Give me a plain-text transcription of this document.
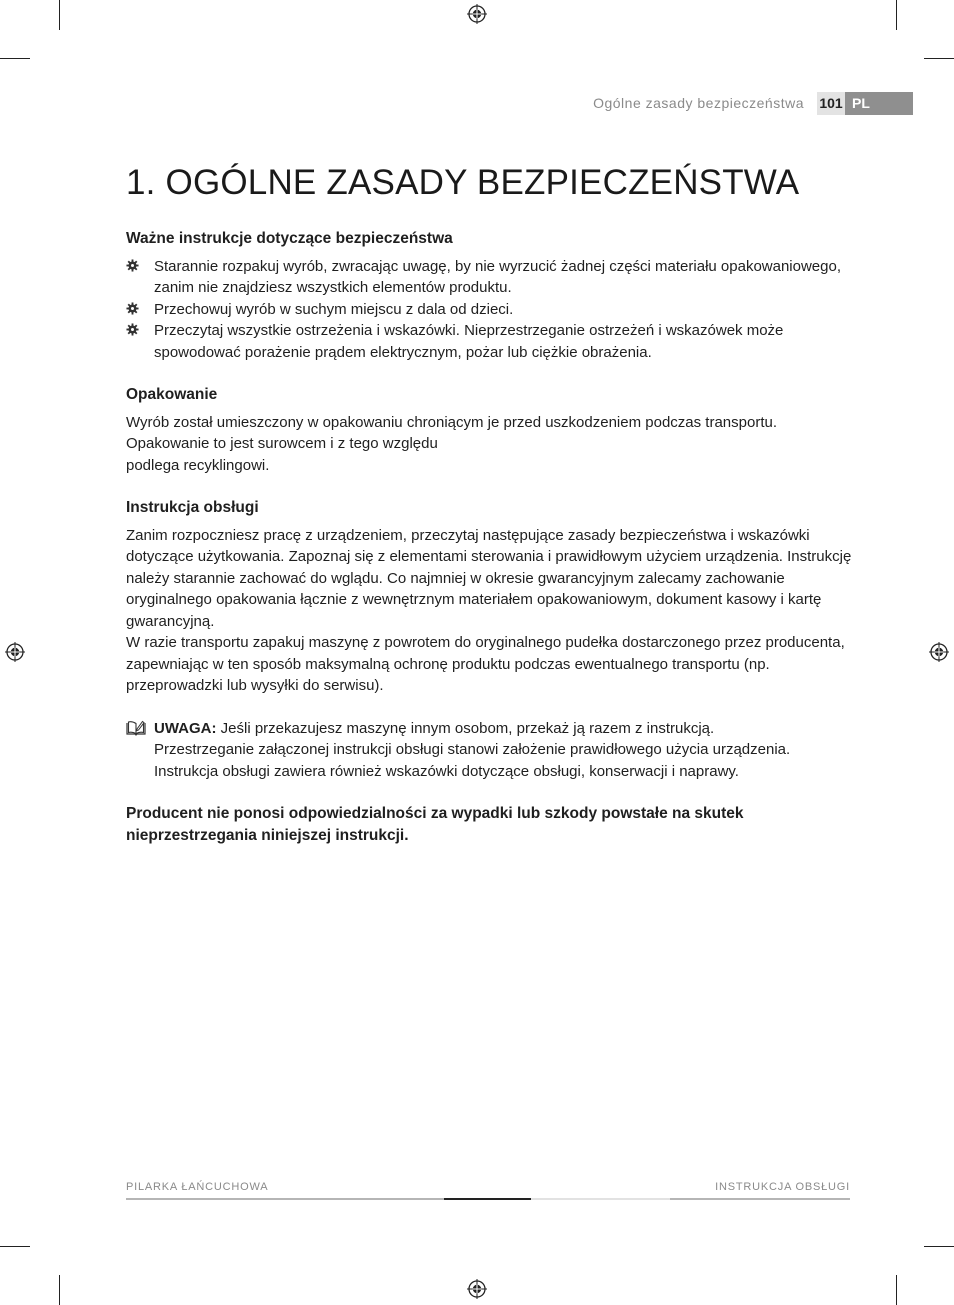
Ogólne zasady bezpieczeństwa 101 PL
1. OGÓLNE ZASADY BEZPIECZEŃSTWA

Ważne instrukcje dotyczące bezpieczeństwa

Starannie rozpakuj wyrób, zwracając uwagę, by nie wyrzucić żadnej części materiału opakowaniowego, zanim nie znajdziesz wszystkich elementów produktu.
Przechowuj wyrób w suchym miejscu z dala od dzieci.
Przeczytaj wszystkie ostrzeżenia i wskazówki. Nieprzestrzeganie ostrzeżeń i wskazówek może spowodować porażenie prądem elektrycznym, pożar lub ciężkie obrażenia.

Opakowanie

Wyrób został umieszczony w opakowaniu chroniącym je przed uszkodzeniem podczas transportu. Opakowanie to jest surowcem i z tego względu

podlega recyklingowi.

Instrukcja obsługi

Zanim rozpoczniesz pracę z urządzeniem, przeczytaj następujące zasady bezpieczeństwa i wskazówki dotyczące użytkowania. Zapoznaj się z elementami sterowania i prawidłowym użyciem urządzenia. Instrukcję należy starannie zachować do wglądu. Co najmniej w okresie gwarancyjnym zalecamy zachowanie oryginalnego opakowania łącznie z wewnętrznym materiałem opakowaniowym, dokument kasowy i kartę gwarancyjną.

W razie transportu zapakuj maszynę z powrotem do oryginalnego pudełka dostarczonego przez producenta, zapewniając w ten sposób maksymalną ochronę produktu podczas ewentualnego transportu (np. przeprowadzki lub wysyłki do serwisu).

UWAGA: Jeśli przekazujesz maszynę innym osobom, przekaż ją razem z instrukcją.
Przestrzeganie załączonej instrukcji obsługi stanowi założenie prawidłowego użycia urządzenia. Instrukcja obsługi zawiera również wskazówki dotyczące obsługi, konserwacji i naprawy.

Producent nie ponosi odpowiedzialności za wypadki lub szkody powstałe na skutek nieprzestrzegania niniejszej instrukcji.

PILARKA ŁAŃCUCHOWA	INSTRUKCJA OBSŁUGI
